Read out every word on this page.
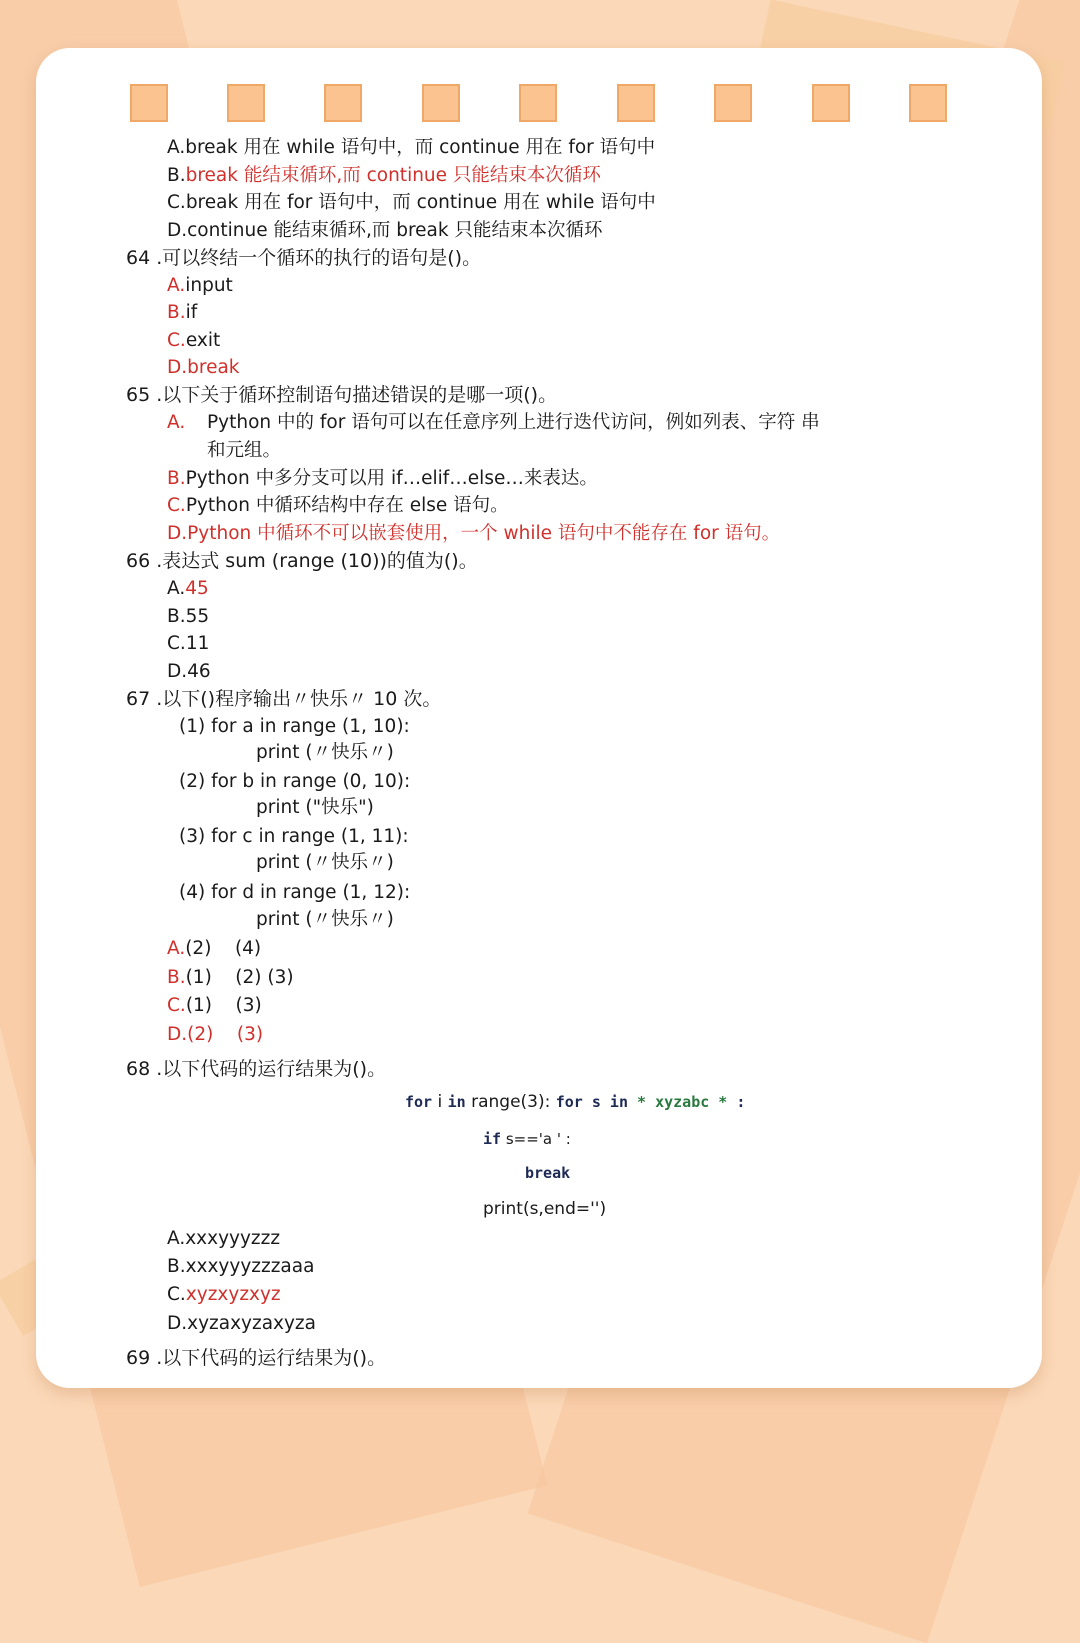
A.break 用在 while 语句中，而 continue 用在 for 语句中
B.break 能结束循环,而 continue 只能结束本次循环
C.break 用在 for 语句中，而 continue 用在 while 语句中
D.continue 能结束循环,而 break 只能结束本次循环
64 .可以终结一个循环的执行的语句是()。
A.input
B.if
C.exit
D.break
65 .以下关于循环控制语句描述错误的是哪一项()。
A. Python 中的 for 语句可以在任意序列上进行迭代访问，例如列表、字符 串
和元组。
B.Python 中多分支可以用 if…elif…else…来表达。
C.Python 中循环结构中存在 else 语句。
D.Python 中循环不可以嵌套使用，一个 while 语句中不能存在 for 语句。
66 .表达式 sum (range (10))的值为()。
A.45
B.55
C.11
D.46
67 .以下()程序输出〃快乐〃 10 次。
(1) for a in range (1, 10):
print (〃快乐〃)
(2) for b in range (0, 10):
print ("快乐")
(3) for c in range (1, 11):
print (〃快乐〃)
(4) for d in range (1, 12):
print (〃快乐〃)
A.(2)    (4)
B.(1)    (2) (3)
C.(1)    (3)
D.(2)    (3)
68 .以下代码的运行结果为()。
for i in range(3): for s in * xyzabc * :
if s=='a ' :
break
print(s,end='')
A.xxxyyyzzz
B.xxxyyyzzzaaa
C.xyzxyzxyz
D.xyzaxyzaxyza
69 .以下代码的运行结果为()。
